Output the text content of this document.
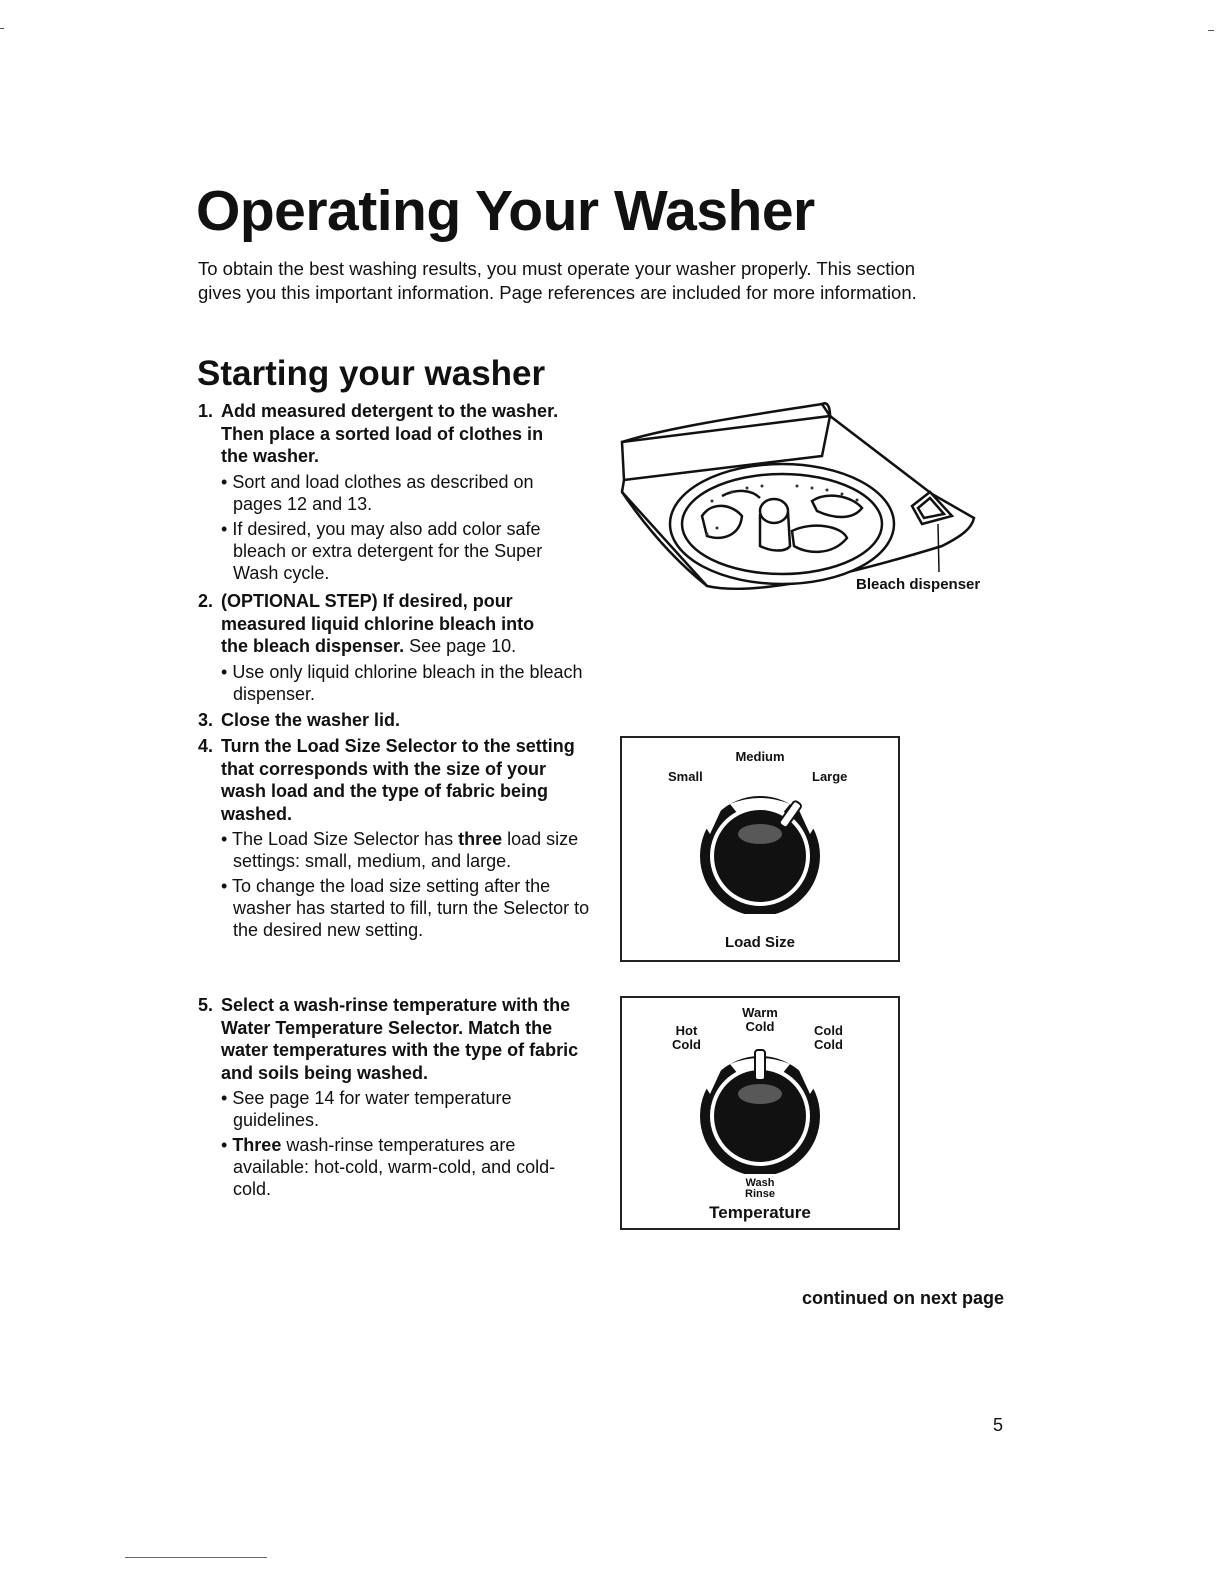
Operating Your Washer

To obtain the best washing results, you must operate your washer properly. This section

gives you this important information. Page references are included for more information.

Starting your washer
1. Add measured detergent to the washer. Then place a sorted load of clothes in the washer.
• Sort and load clothes as described on pages 12 and 13.
• If desired, you may also add color safe bleach or extra detergent for the Super Wash cycle.
2. (OPTIONAL STEP) If desired, pour measured liquid chlorine bleach into the bleach dispenser. See page 10.
• Use only liquid chlorine bleach in the bleach dispenser.
3. Close the washer lid.
4. Turn the Load Size Selector to the setting that corresponds with the size of your wash load and the type of fabric being washed.
• The Load Size Selector has three load size settings: small, medium, and large.
• To change the load size setting after the washer has started to fill, turn the Selector to the desired new setting.
5. Select a wash-rinse temperature with the Water Temperature Selector. Match the water temperatures with the type of fabric and soils being washed.
• See page 14 for water temperature guidelines.
• Three wash-rinse temperatures are available: hot-cold, warm-cold, and cold-cold.
Bleach dispenser
Medium
Small	Large
Load Size
Warm
Cold
Hot
Cold
Cold
Cold
Wash
Rinse
Temperature
continued on next page
5
